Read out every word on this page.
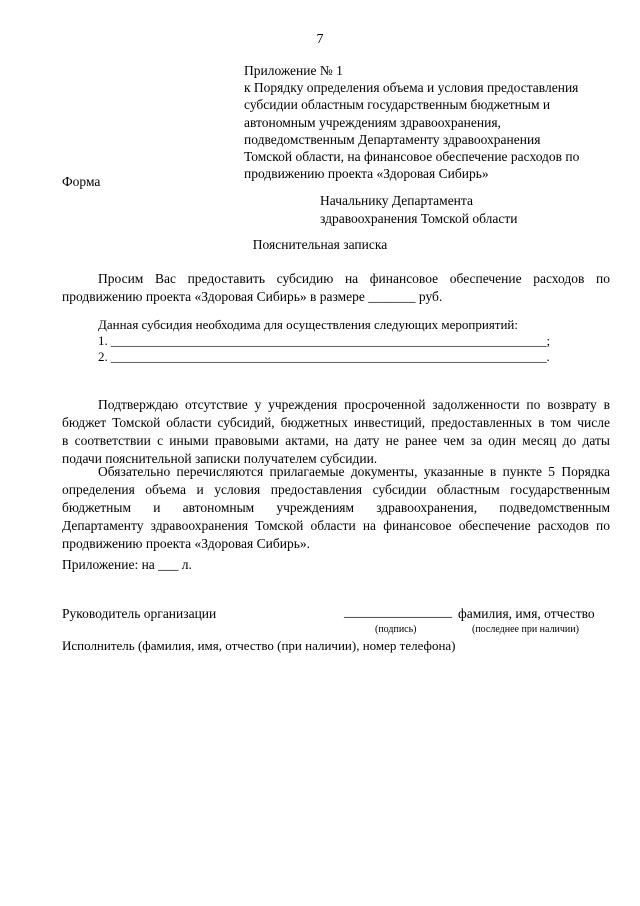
7
Приложение № 1
к Порядку определения объема и условия предоставления
субсидии областным государственным бюджетным и
автономным учреждениям здравоохранения,
подведомственным Департаменту здравоохранения
Томской области, на финансовое обеспечение расходов по
продвижению проекта «Здоровая Сибирь»
Форма
Начальнику Департамента
здравоохранения Томской области
Пояснительная записка
Просим Вас предоставить субсидию на финансовое обеспечение расходов по
продвижению проекта «Здоровая Сибирь» в размере _______ руб.
Данная субсидия необходима для осуществления следующих мероприятий:
1. ___________________________________________________________________;
2. ___________________________________________________________________.
Подтверждаю отсутствие у учреждения просроченной задолженности по возврату в
бюджет Томской области субсидий, бюджетных инвестиций, предоставленных в том числе
в соответствии с иными правовыми актами, на дату не ранее чем за один месяц до даты
подачи пояснительной записки получателем субсидии.
Обязательно перечисляются прилагаемые документы, указанные в пункте 5 Порядка
определения объема и условия предоставления субсидии областным государственным
бюджетным и автономным учреждениям здравоохранения, подведомственным
Департаменту здравоохранения Томской области на финансовое обеспечение расходов по
продвижению проекта «Здоровая Сибирь».
Приложение: на ___ л.
Руководитель организации	________________ фамилия, имя, отчество
(подпись)	(последнее при наличии)
Исполнитель (фамилия, имя, отчество (при наличии), номер телефона)
